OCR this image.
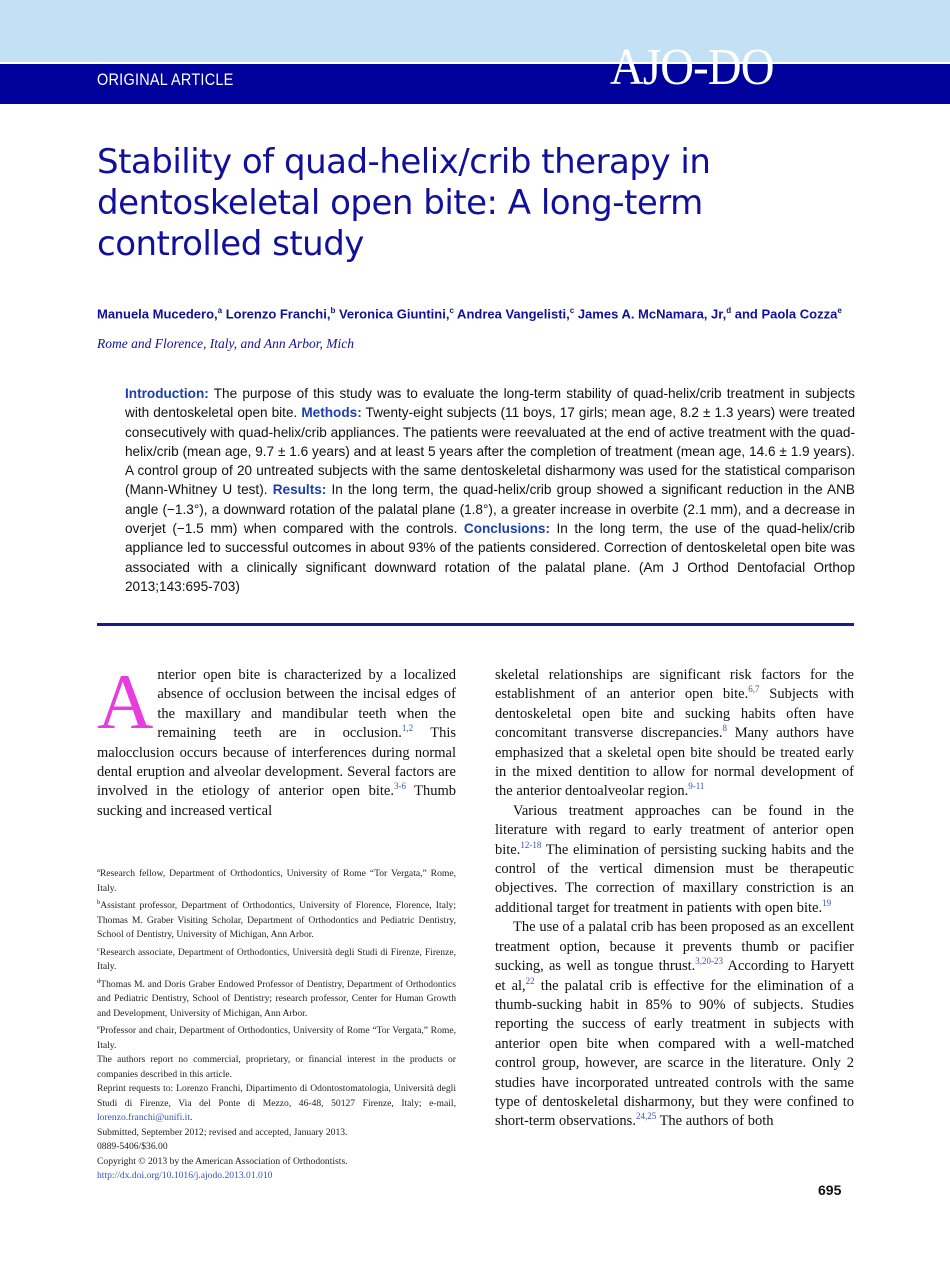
ORIGINAL ARTICLE	AJO-DO
Stability of quad-helix/crib therapy in dentoskeletal open bite: A long-term controlled study
Manuela Mucedero,$^a$ Lorenzo Franchi,$^b$ Veronica Giuntini,$^c$ Andrea Vangelisti,$^c$ James A. McNamara, Jr,$^d$ and Paola Cozza$^e$
Rome and Florence, Italy, and Ann Arbor, Mich

Introduction: The purpose of this study was to evaluate the long-term stability of quad-helix/crib treatment in subjects with dentoskeletal open bite. Methods: Twenty-eight subjects (11 boys, 17 girls; mean age, 8.2 ± 1.3 years) were treated consecutively with quad-helix/crib appliances. The patients were reevaluated at the end of active treatment with the quad-helix/crib (mean age, 9.7 ± 1.6 years) and at least 5 years after the completion of treatment (mean age, 14.6 ± 1.9 years). A control group of 20 untreated subjects with the same dentoskeletal disharmony was used for the statistical comparison (Mann-Whitney U test). Results: In the long term, the quad-helix/crib group showed a significant reduction in the ANB angle (−1.3°), a downward rotation of the palatal plane (1.8°), a greater increase in overbite (2.1 mm), and a decrease in overjet (−1.5 mm) when compared with the controls. Conclusions: In the long term, the use of the quad-helix/crib appliance led to successful outcomes in about 93% of the patients considered. Correction of dentoskeletal open bite was associated with a clinically significant downward rotation of the palatal plane. (Am J Orthod Dentofacial Orthop 2013;143:695-703)

A nterior open bite is characterized by a localized absence of occlusion between the incisal edges of the maxillary and mandibular teeth when the remaining teeth are in occlusion.$^{1,2}$ This malocclusion occurs because of interferences during normal dental eruption and alveolar development. Several factors are involved in the etiology of anterior open bite.$^{3-6}$ Thumb sucking and increased vertical

skeletal relationships are significant risk factors for the establishment of an anterior open bite.$^{6,7}$ Subjects with dentoskeletal open bite and sucking habits often have concomitant transverse discrepancies.$^8$ Many authors have emphasized that a skeletal open bite should be treated early in the mixed dentition to allow for normal development of the anterior dentoalveolar region.$^{9-11}$

Various treatment approaches can be found in the literature with regard to early treatment of anterior open bite.$^{12-18}$ The elimination of persisting sucking habits and the control of the vertical dimension must be therapeutic objectives. The correction of maxillary constriction is an additional target for treatment in patients with open bite.$^{19}$

The use of a palatal crib has been proposed as an excellent treatment option, because it prevents thumb or pacifier sucking, as well as tongue thrust.$^{3,20-23}$ According to Haryett et al,$^{22}$ the palatal crib is effective for the elimination of a thumb-sucking habit in 85% to 90% of subjects. Studies reporting the success of early treatment in subjects with anterior open bite when compared with a well-matched control group, however, are scarce in the literature. Only 2 studies have incorporated untreated controls with the same type of dentoskeletal disharmony, but they were confined to short-term observations.$^{24,25}$ The authors of both

$^a$Research fellow, Department of Orthodontics, University of Rome “Tor Vergata,” Rome, Italy.
$^b$Assistant professor, Department of Orthodontics, University of Florence, Florence, Italy; Thomas M. Graber Visiting Scholar, Department of Orthodontics and Pediatric Dentistry, School of Dentistry, University of Michigan, Ann Arbor.
$^c$Research associate, Department of Orthodontics, Università degli Studi di Firenze, Firenze, Italy.
$^d$Thomas M. and Doris Graber Endowed Professor of Dentistry, Department of Orthodontics and Pediatric Dentistry, School of Dentistry; research professor, Center for Human Growth and Development, University of Michigan, Ann Arbor.
$^e$Professor and chair, Department of Orthodontics, University of Rome “Tor Vergata,” Rome, Italy.
The authors report no commercial, proprietary, or financial interest in the products or companies described in this article.
Reprint requests to: Lorenzo Franchi, Dipartimento di Odontostomatologia, Università degli Studi di Firenze, Via del Ponte di Mezzo, 46-48, 50127 Firenze, Italy; e-mail, lorenzo.franchi@unifi.it.
Submitted, September 2012; revised and accepted, January 2013.
0889-5406/$36.00
Copyright © 2013 by the American Association of Orthodontists.
http://dx.doi.org/10.1016/j.ajodo.2013.01.010
695
